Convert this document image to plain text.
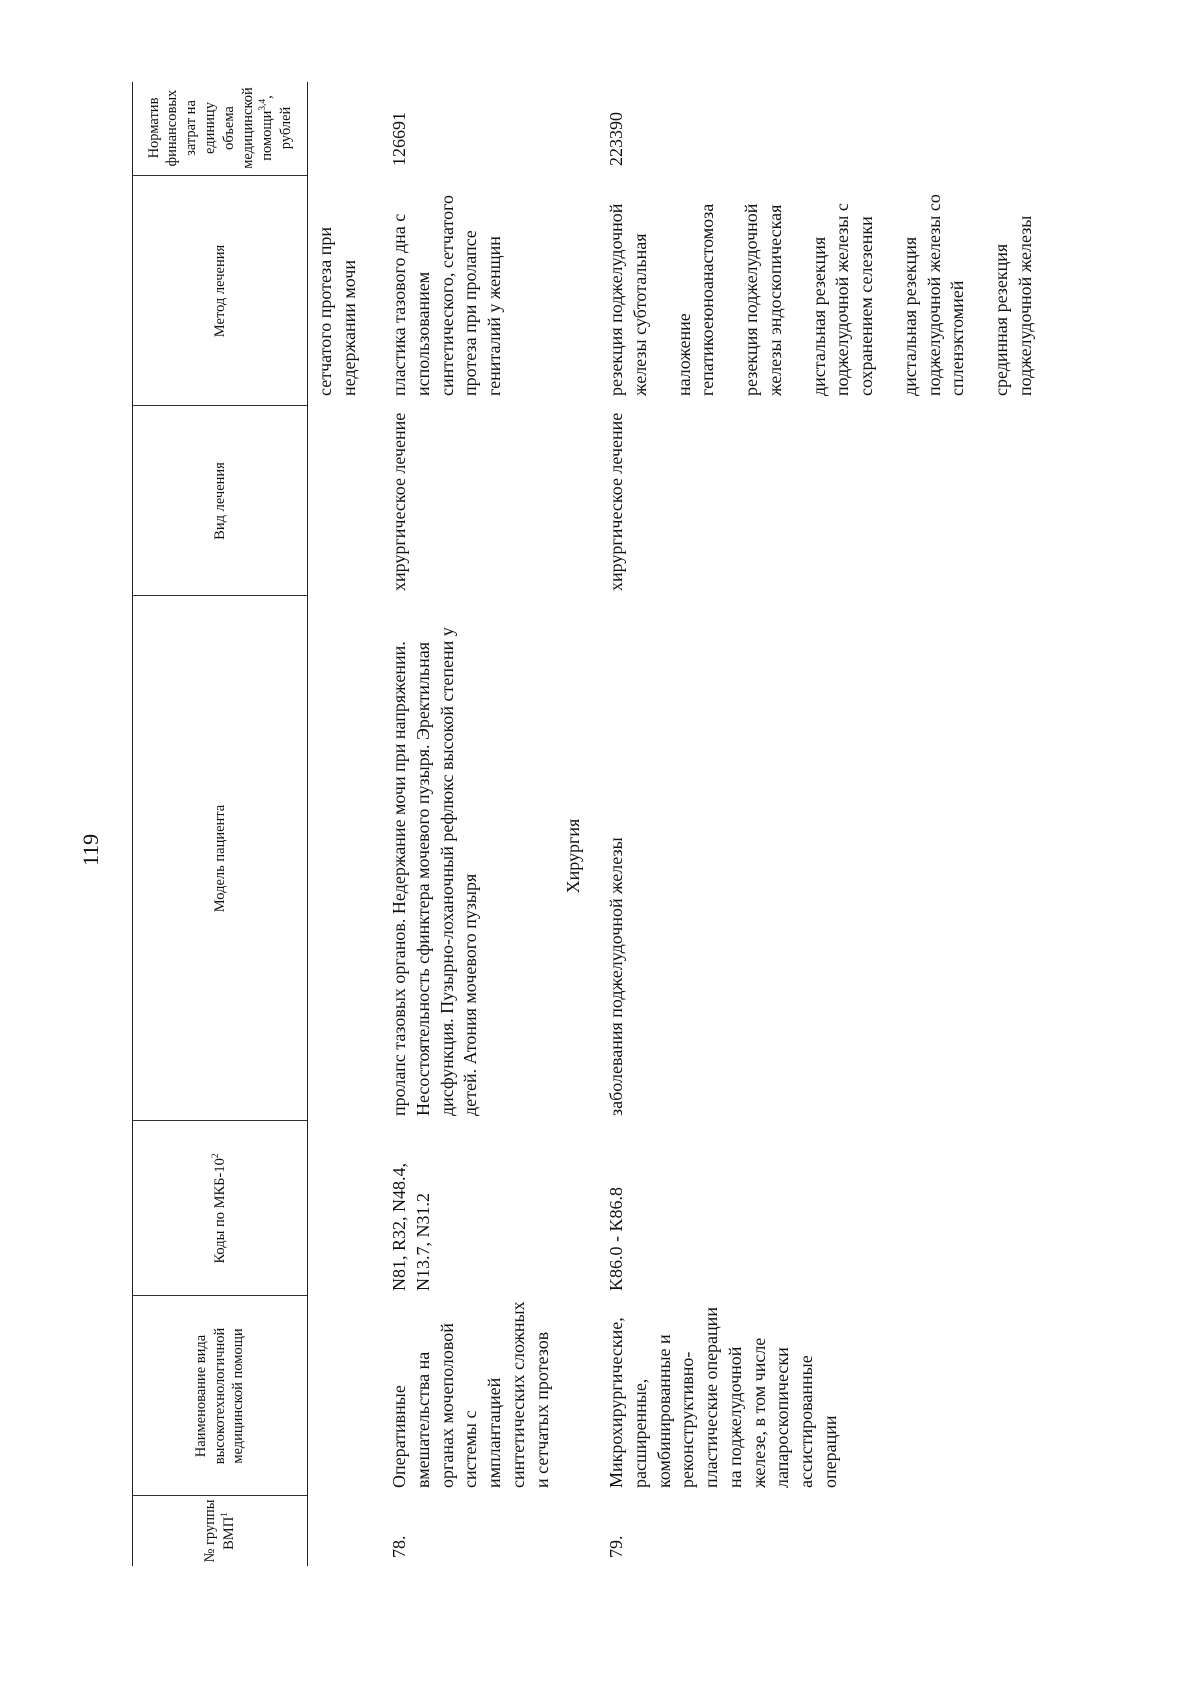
119
№ группы ВМП$^1$
Наименование вида высокотехнологичной медицинской помощи
Коды по МКБ-$10^2$
Модель пациента
Вид лечения
Метод лечения
Норматив финансовых затрат на единицу объема медицинской помощи$^{3,4}$, рублей
сетчатого протеза при недержании мочи
78.
Оперативные вмешательства на органах мочеполовой системы с имплантацией синтетических сложных и сетчатых протезов
N81, R32, N48.4, N13.7, N31.2
пролапс тазовых органов. Недержание мочи при напряжении. Несостоятельность сфинктера мочевого пузыря. Эректильная дисфункция. Пузырно-лоханочный рефлюкс высокой степени у детей. Атония мочевого пузыря
хирургическое лечение
пластика тазового дна с использованием синтетического, сетчатого протеза при пролапсе гениталий у женщин
126691
Хирургия
Микрохирургические, расширенные, комбинированные и реконструктивно-пластические операции на поджелудочной железе, в том числе лапароскопически ассистированные операции
K86.0 - K86.8
заболевания поджелудочной железы
хирургическое лечение
резекция поджелудочной железы субтотальная наложение гепатикоеюноанастомоза резекция поджелудочной железы эндоскопическая дистальная резекция поджелудочной железы с сохранением селезенки дистальная резекция поджелудочной железы со спленэктомией срединная резекция поджелудочной железы
223390
79.
